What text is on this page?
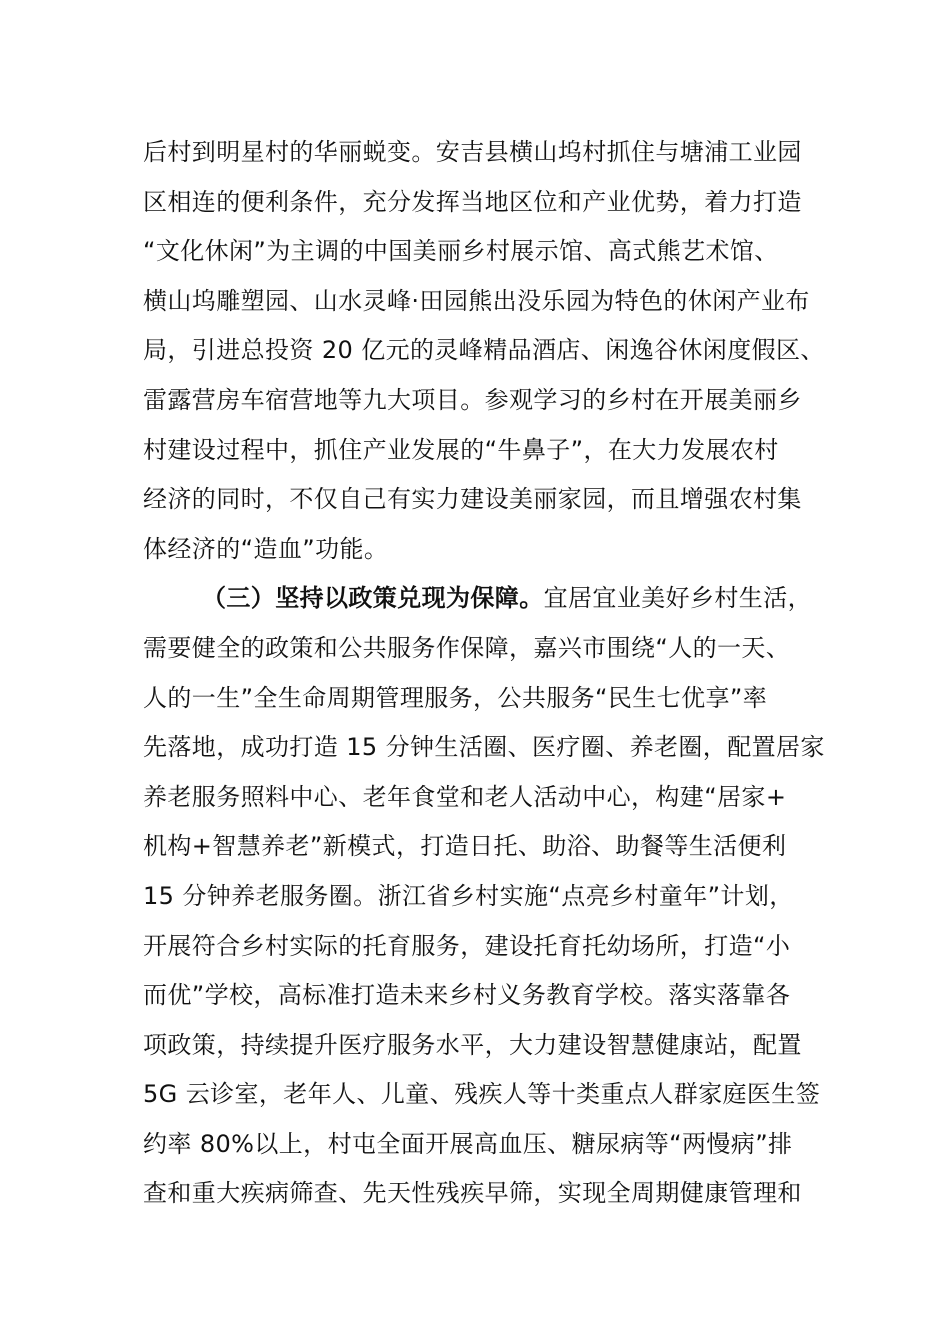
后村到明星村的华丽蜕变。安吉县横山坞村抓住与塘浦工业园
区相连的便利条件，充分发挥当地区位和产业优势，着力打造
“文化休闲”为主调的中国美丽乡村展示馆、高式熊艺术馆、
横山坞雕塑园、山水灵峰·田园熊出没乐园为特色的休闲产业布
局，引进总投资 20 亿元的灵峰精品酒店、闲逸谷休闲度假区、
雷露营房车宿营地等九大项目。参观学习的乡村在开展美丽乡
村建设过程中，抓住产业发展的“牛鼻子”，在大力发展农村
经济的同时，不仅自己有实力建设美丽家园，而且增强农村集
体经济的“造血”功能。
（三）坚持以政策兑现为保障。宜居宜业美好乡村生活，
需要健全的政策和公共服务作保障，嘉兴市围绕“人的一天、
人的一生”全生命周期管理服务，公共服务“民生七优享”率
先落地，成功打造 15 分钟生活圈、医疗圈、养老圈，配置居家
养老服务照料中心、老年食堂和老人活动中心，构建“居家+
机构+智慧养老”新模式，打造日托、助浴、助餐等生活便利
15 分钟养老服务圈。浙江省乡村实施“点亮乡村童年”计划，
开展符合乡村实际的托育服务，建设托育托幼场所，打造“小
而优”学校，高标准打造未来乡村义务教育学校。落实落靠各
项政策，持续提升医疗服务水平，大力建设智慧健康站，配置
5G 云诊室，老年人、儿童、残疾人等十类重点人群家庭医生签
约率 80%以上，村屯全面开展高血压、糖尿病等“两慢病”排
查和重大疾病筛查、先天性残疾早筛，实现全周期健康管理和
